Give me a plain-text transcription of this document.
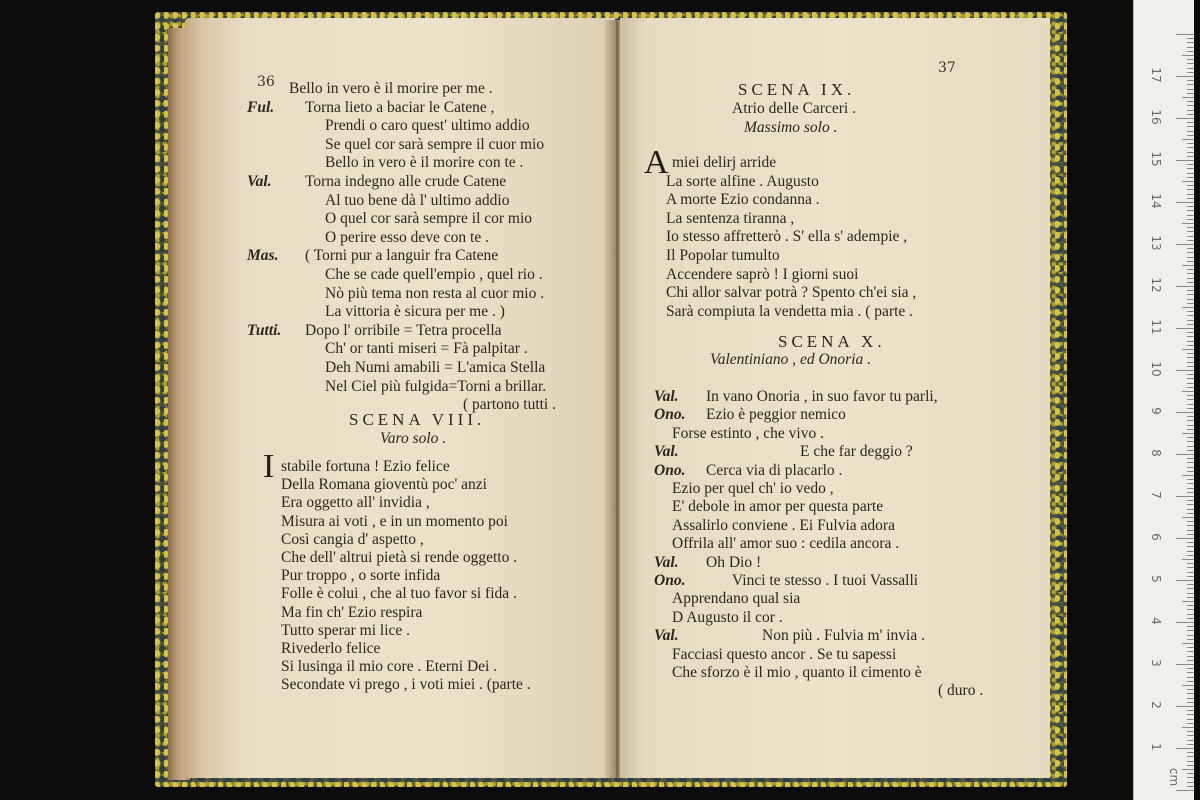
36 Bello in vero è il morire per me .
Ful. Torna lieto a baciar le Catene ,
Prendi o caro quest' ultimo addio
Se quel cor sarà sempre il cuor mio
Bello in vero è il morire con te .
Val. Torna indegno alle crude Catene
Al tuo bene dà l' ultimo addio
O quel cor sarà sempre il cor mio
O perire esso deve con te .
Mas. ( Torni pur a languir fra Catene
Che se cade quell'empio , quel rio .
Nò più tema non resta al cuor mio .
La vittoria è sicura per me . )
Tutti. Dopo l' orribile = Tetra procella
Ch' or tanti miseri = Fà palpitar .
Deh Numi amabili = L'amica Stella
Nel Ciel più fulgida=Torni a brillar.
( partono tutti .
SCENA VIII.
Varo solo .
I stabile fortuna ! Ezio felice
Della Romana gioventù poc' anzi
Era oggetto all' invidia ,
Misura ai voti , e in un momento poi
Così cangia d' aspetto ,
Che dell' altrui pietà si rende oggetto .
Pur troppo , o sorte infida
Folle è colui , che al tuo favor si fida .
Ma fin ch' Ezio respira
Tutto sperar mi lice .
Rivederlo felice
Si lusinga il mio core . Eterni Dei .
Secondate vi prego , i voti miei . (parte .
37
SCENA IX.
Atrio delle Carceri .
Massimo solo .
A miei delirj arride
La sorte alfine . Augusto
A morte Ezio condanna .
La sentenza tiranna ,
Io stesso affretterò . S' ella s' adempie ,
Il Popolar tumulto
Accendere saprò ! I giorni suoi
Chi allor salvar potrà ? Spento ch'ei sia ,
Sarà compiuta la vendetta mia . ( parte .
SCENA X.
Valentiniano , ed Onoria .
Val. In vano Onoria , in suo favor tu parli,
Ono. Ezio è peggior nemico
Forse estinto , che vivo .
Val.	E che far deggio ?
Ono. Cerca via di placarlo .
Ezio per quel ch' io vedo ,
E' debole in amor per questa parte
Assalirlo conviene . Ei Fulvia adora
Offrila all' amor suo : cedila ancora .
Val. Oh Dio !
Ono.	Vinci te stesso . I tuoi Vassalli
Apprendano qual sia
D Augusto il cor .
Val.	Non più . Fulvia m' invia .
Facciasi questo ancor . Se tu sapessi
Che sforzo è il mio , quanto il cimento è
( duro .
cm
1
2
3
4
5
6
7
8
9
10
11
12
13
14
15
16
17
